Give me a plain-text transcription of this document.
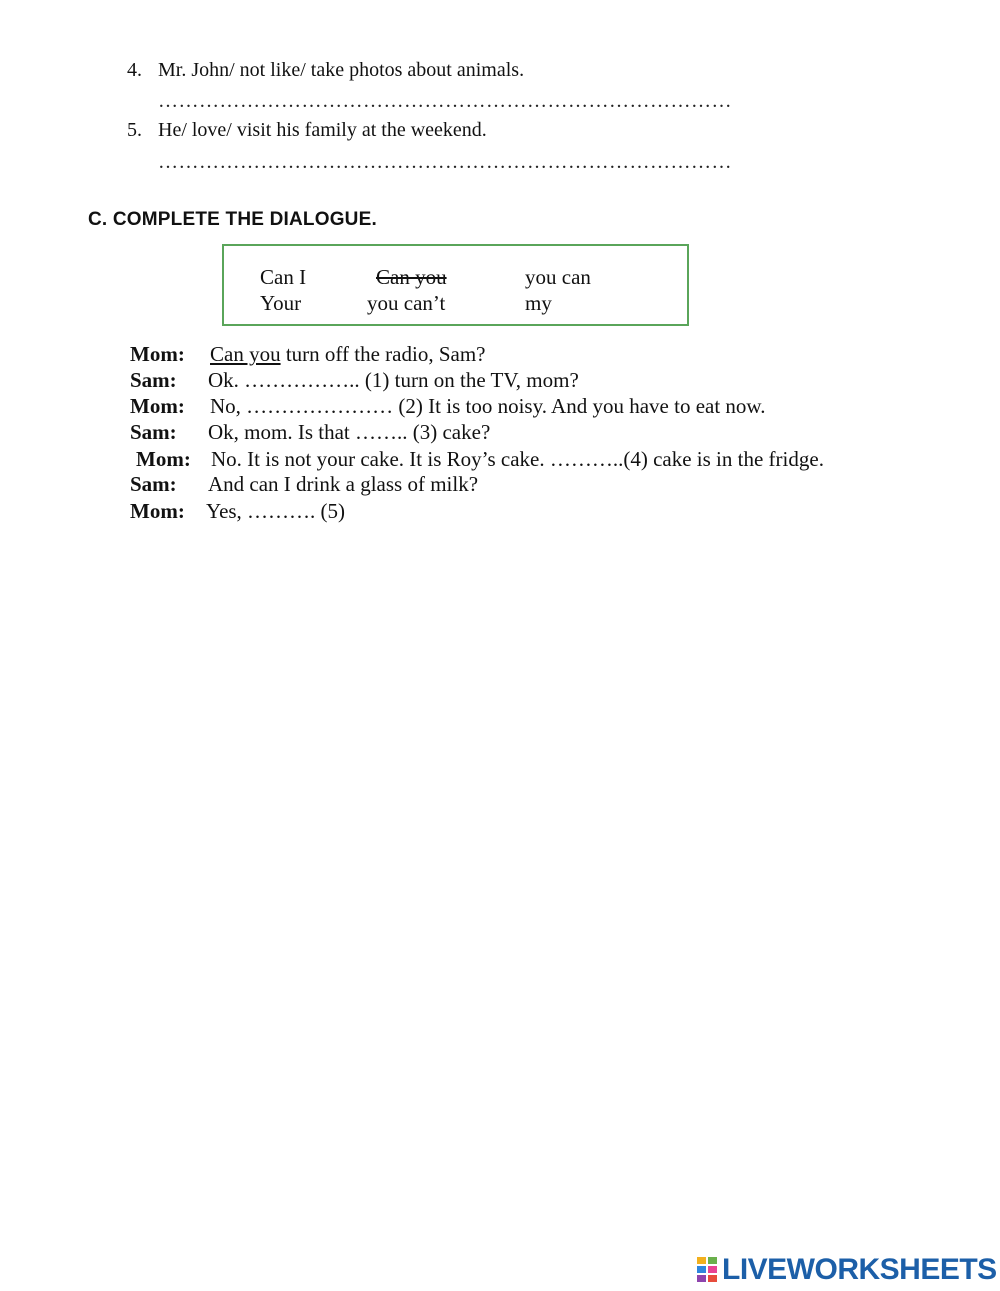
4. Mr. John/ not like/ take photos about animals.
…………………………………………………………………………
5. He/ love/ visit his family at the weekend.
…………………………………………………………………………
C. COMPLETE THE DIALOGUE.
Can I	Can you	you can
Your	you can’t	my
Mom: Can you turn off the radio, Sam?
Sam: Ok. …………….. (1) turn on the TV, mom?
Mom: No, ………………… (2) It is too noisy. And you have to eat now.
Sam: Ok, mom. Is that …….. (3) cake?
Mom: No. It is not your cake. It is Roy’s cake. ………..(4) cake is in the fridge.
Sam: And can I drink a glass of milk?
Mom: Yes, ………. (5)
LIVEWORKSHEETS
